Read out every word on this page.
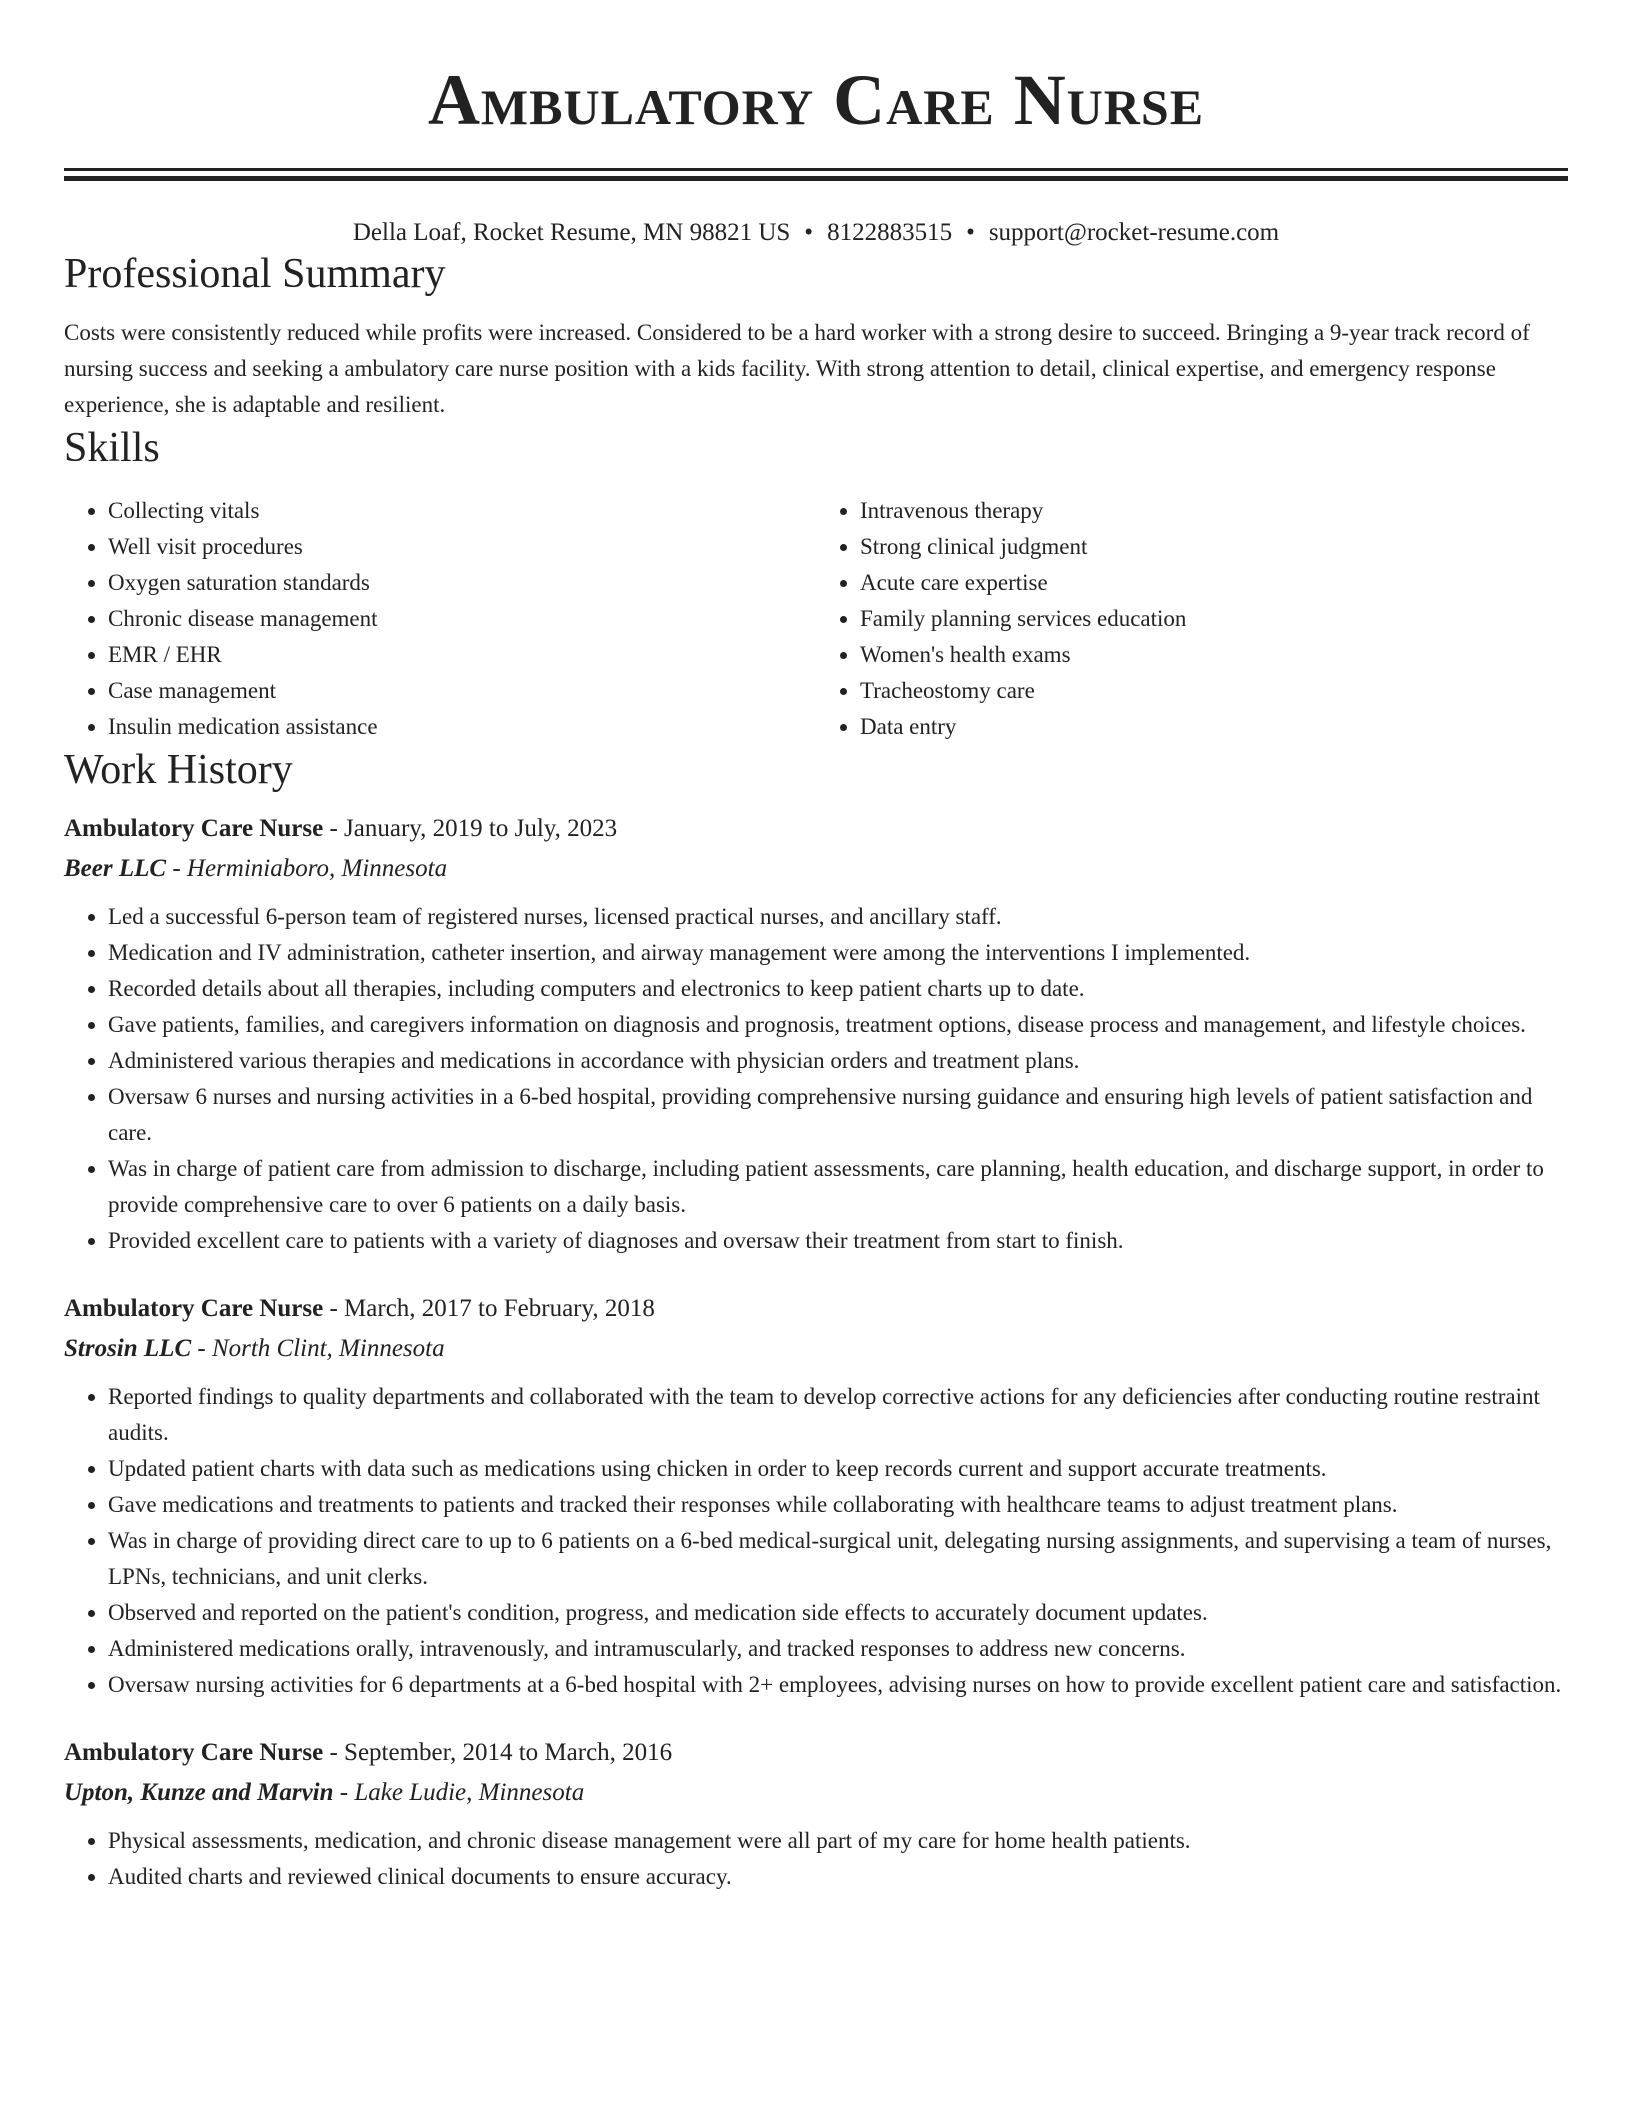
Ambulatory Care Nurse
Della Loaf, Rocket Resume, MN 98821 US • 8122883515 • support@rocket-resume.com
Professional Summary
Costs were consistently reduced while profits were increased. Considered to be a hard worker with a strong desire to succeed. Bringing a 9-year track record of nursing success and seeking a ambulatory care nurse position with a kids facility. With strong attention to detail, clinical expertise, and emergency response experience, she is adaptable and resilient.
Skills
• Collecting vitals
• Well visit procedures
• Oxygen saturation standards
• Chronic disease management
• EMR / EHR
• Case management
• Insulin medication assistance
• Intravenous therapy
• Strong clinical judgment
• Acute care expertise
• Family planning services education
• Women's health exams
• Tracheostomy care
• Data entry
Work History
Ambulatory Care Nurse - January, 2019 to July, 2023
Beer LLC - Herminiaboro, Minnesota
• Led a successful 6-person team of registered nurses, licensed practical nurses, and ancillary staff.
• Medication and IV administration, catheter insertion, and airway management were among the interventions I implemented.
• Recorded details about all therapies, including computers and electronics to keep patient charts up to date.
• Gave patients, families, and caregivers information on diagnosis and prognosis, treatment options, disease process and management, and lifestyle choices.
• Administered various therapies and medications in accordance with physician orders and treatment plans.
• Oversaw 6 nurses and nursing activities in a 6-bed hospital, providing comprehensive nursing guidance and ensuring high levels of patient satisfaction and care.
• Was in charge of patient care from admission to discharge, including patient assessments, care planning, health education, and discharge support, in order to provide comprehensive care to over 6 patients on a daily basis.
• Provided excellent care to patients with a variety of diagnoses and oversaw their treatment from start to finish.
Ambulatory Care Nurse - March, 2017 to February, 2018
Strosin LLC - North Clint, Minnesota
• Reported findings to quality departments and collaborated with the team to develop corrective actions for any deficiencies after conducting routine restraint audits.
• Updated patient charts with data such as medications using chicken in order to keep records current and support accurate treatments.
• Gave medications and treatments to patients and tracked their responses while collaborating with healthcare teams to adjust treatment plans.
• Was in charge of providing direct care to up to 6 patients on a 6-bed medical-surgical unit, delegating nursing assignments, and supervising a team of nurses, LPNs, technicians, and unit clerks.
• Observed and reported on the patient's condition, progress, and medication side effects to accurately document updates.
• Administered medications orally, intravenously, and intramuscularly, and tracked responses to address new concerns.
• Oversaw nursing activities for 6 departments at a 6-bed hospital with 2+ employees, advising nurses on how to provide excellent patient care and satisfaction.
Ambulatory Care Nurse - September, 2014 to March, 2016
Upton, Kunze and Marvin - Lake Ludie, Minnesota
• Physical assessments, medication, and chronic disease management were all part of my care for home health patients.
• Audited charts and reviewed clinical documents to ensure accuracy.
